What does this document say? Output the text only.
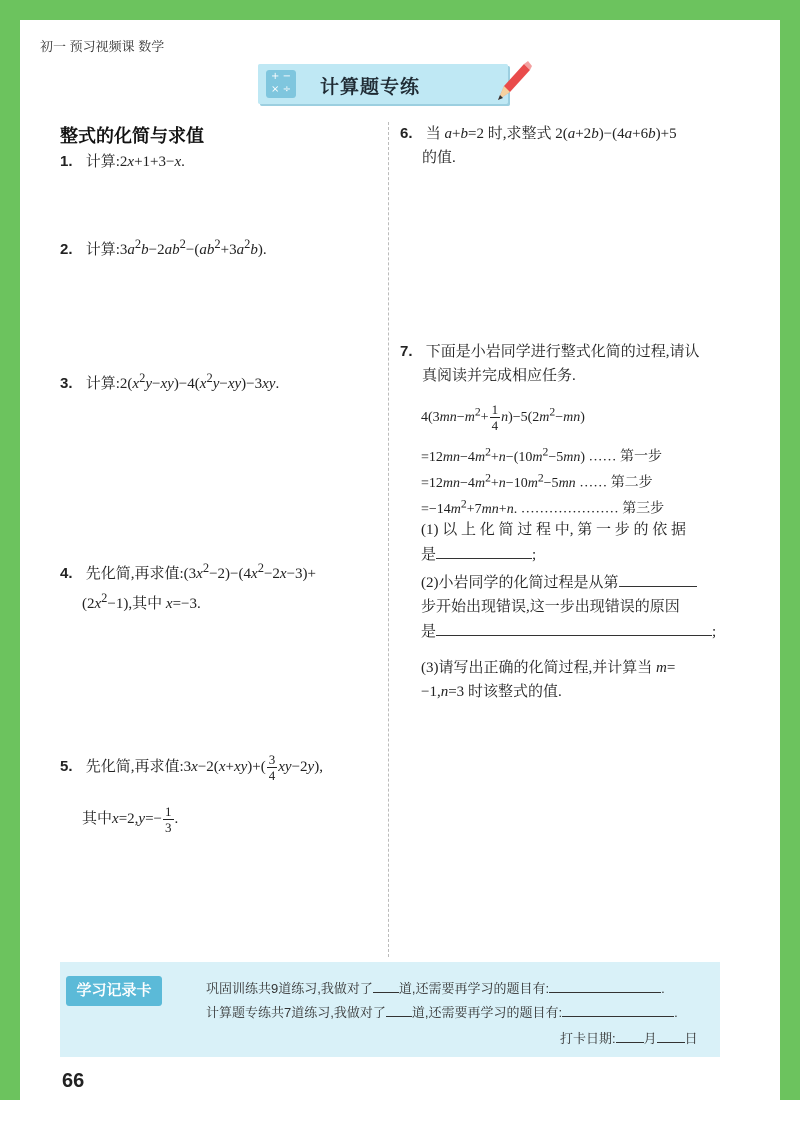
初一 预习视频课 数学
+ −
× ÷ 计算题专练
整式的化简与求值
1. 计算:2x+1+3−x.
2. 计算$:3a^2b-2ab^2-(ab^2+3a^2b)$.
3. 计算$:2(x^2y-xy)-4(x^2y-xy)-3xy$.
4. 先化简,再求值$:(3x^2-2)-(4x^2-2x-3)+$
$(2x^2-1)$,其中 x=−3.
5. 先化简,再求值:3x−2(x+xy)+( $\frac{3}{4} xy-2y$),
其中$x=2,y=- \frac{1}{3}$ .
6. 当 a+b=2 时,求整式 2(a+2b)−(4a+6b)+5
的值.
7. 下面是小岩同学进行整式化简的过程,请认
真阅读并完成相应任务.
$4(3mn-m^2+ \frac{1}{4} n)-5(2m^2-mn)$
$=12mn-4m^2+n-(10m^2-5mn)$ …… 第一步
$=12mn-4m^2+n-10m^2-5mn$ …… 第二步
$=-14m^2+7mn+n$. ………………… 第三步
(1) 以 上 化 简 过 程 中, 第 一 步 的 依 据
是	;
(2)小岩同学的化简过程是从第
步开始出现错误,这一步出现错误的原因
是	;
(3)请写出正确的化简过程,并计算当 m=
−1,n=3 时该整式的值.
学习记录卡	巩固训练共9道练习,我做对了 道,还需要再学习的题目有:	.
计算题专练共7道练习,我做对了 道,还需要再学习的题目有:	.
打卡日期: 月 日
66
